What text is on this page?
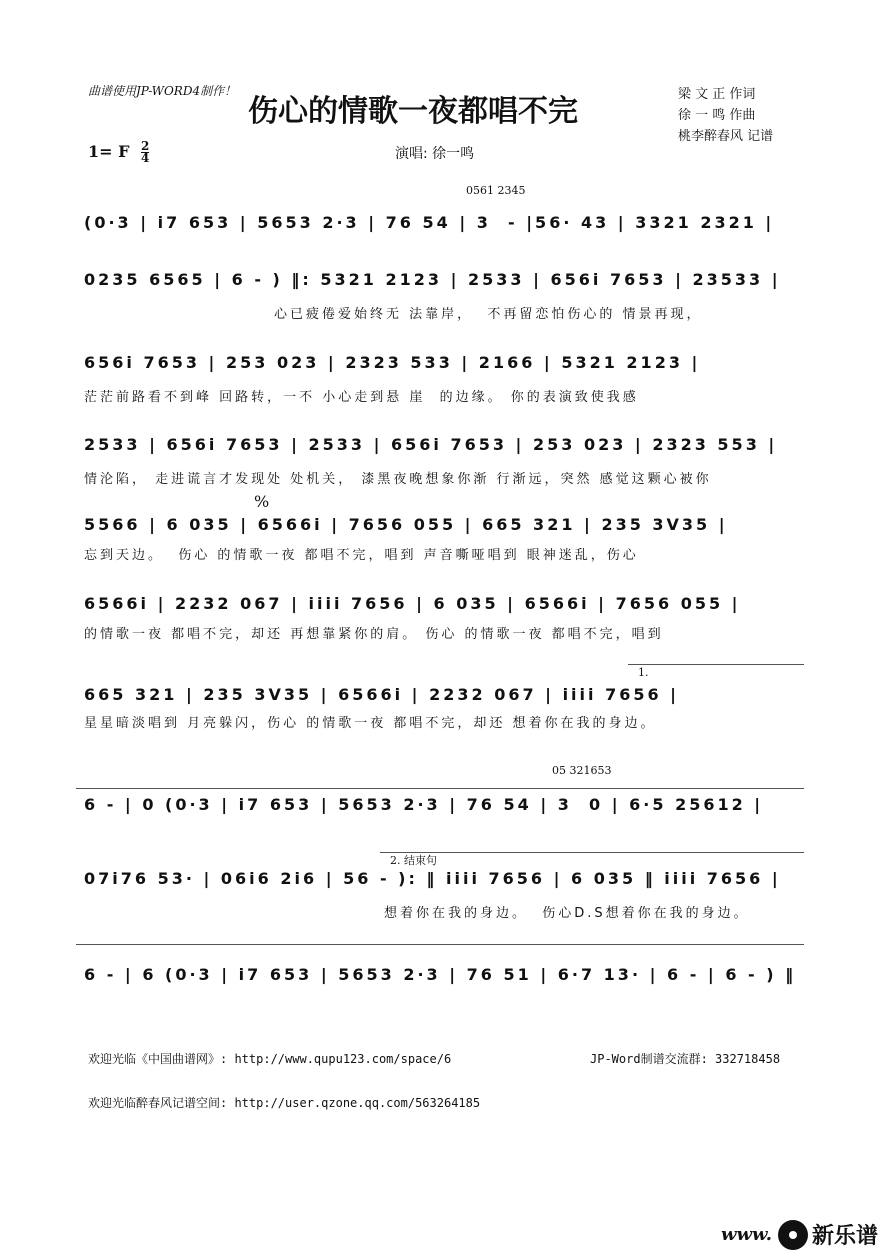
曲谱使用JP-WORD4制作！
伤心的情歌一夜都唱不完	梁 文 正 作词
徐 一 鸣 作曲
桃李醉春风 记谱
1= F $\frac{2}{4}$	演唱: 徐一鸣
0561 2345
(0·3 | i7 653 | 5653 2·3 | 76 54 | 3  - |56· 43 | 3321 2321 |
0235 6565 | 6 - ) ‖: 5321 2123 | 2533 | 656i 7653 | 23533 |
心已疲倦爱始终无 法靠岸，  不再留恋怕伤心的 情景再现，
656i 7653 | 253 023 | 2323 533 | 2166 | 5321 2123 |
茫茫前路看不到峰 回路转，一不 小心走到悬 崖  的边缘。 你的表演致使我感
2533 | 656i 7653 | 2533 | 656i 7653 | 253 023 | 2323 553 |
情沦陷， 走进谎言才发现处 处机关， 漆黑夜晚想象你渐 行渐远，突然 感觉这颗心被你
%
5566 | 6 035 | 6566i | 7656 055 | 665 321 | 235 3V35 |
忘到天边。  伤心 的情歌一夜 都唱不完，唱到 声音嘶哑唱到 眼神迷乱，伤心
6566i | 2232 067 | iiii 7656 | 6 035 | 6566i | 7656 055 |
的情歌一夜 都唱不完，却还 再想靠紧你的肩。 伤心 的情歌一夜 都唱不完，唱到
1.
665 321 | 235 3V35 | 6566i | 2232 067 | iiii 7656 |
星星暗淡唱到 月亮躲闪，伤心 的情歌一夜 都唱不完，却还 想着你在我的身边。
05 321653
6 - | 0 (0·3 | i7 653 | 5653 2·3 | 76 54 | 3  0 | 6·5 25612 |
2. 结束句
07i76 53· | 06i6 2i6 | 56 - ): ‖ iiii 7656 | 6 035 ‖ iiii 7656 |
想着你在我的身边。  伤心D.S想着你在我的身边。
6 - | 6 (0·3 | i7 653 | 5653 2·3 | 76 51 | 6·7 13· | 6 - | 6 - ) ‖
欢迎光临《中国曲谱网》: http://www.qupu123.com/space/6	JP-Word制谱交流群: 332718458
欢迎光临醉春风记谱空间: http://user.qzone.qq.com/563264185
www. 新乐谱
